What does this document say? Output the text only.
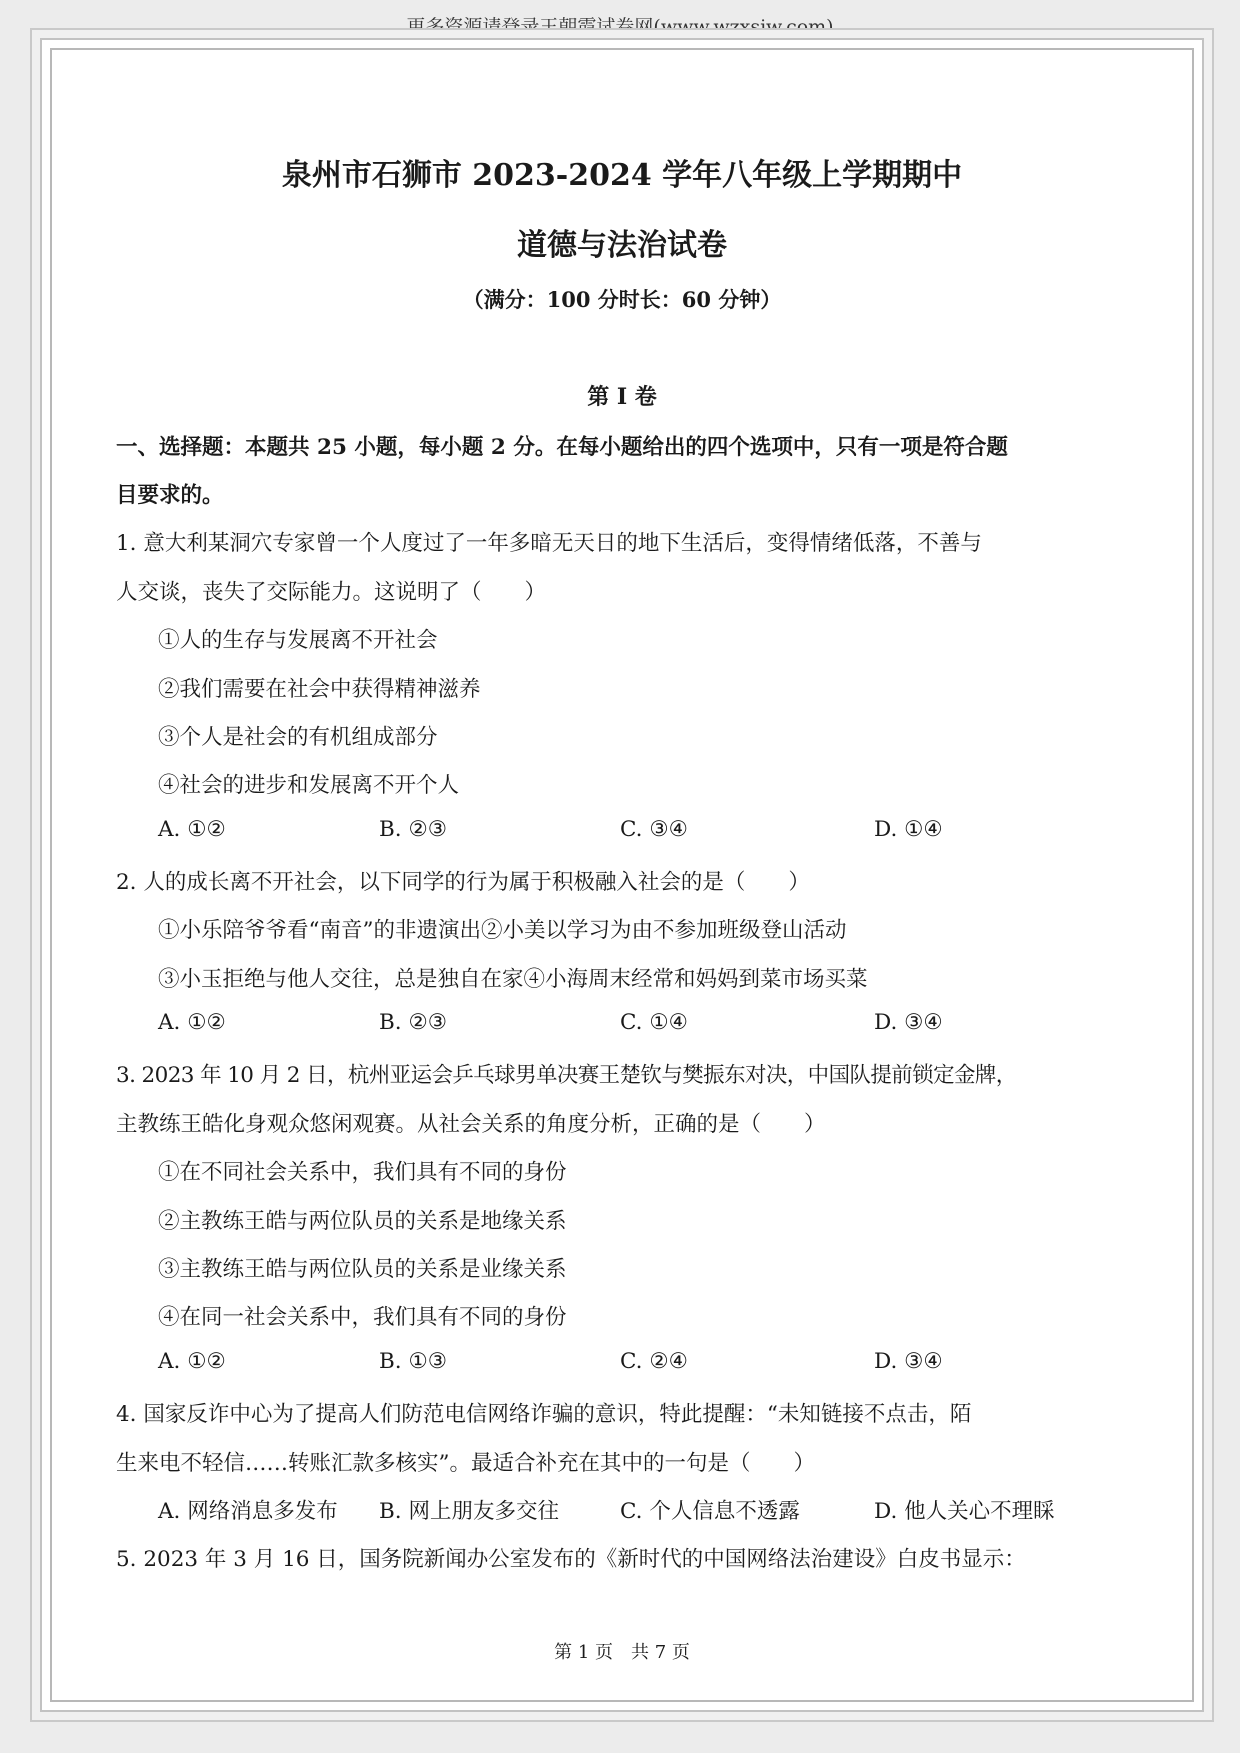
更多资源请登录王朝霞试卷网(www.wzxsjw.com)
泉州市石狮市 2023-2024 学年八年级上学期期中
道德与法治试卷
（满分：100 分时长：60 分钟）
第 I 卷
一、选择题：本题共 25 小题，每小题 2 分。在每小题给出的四个选项中，只有一项是符合题
目要求的。
1. 意大利某洞穴专家曾一个人度过了一年多暗无天日的地下生活后，变得情绪低落，不善与
人交谈，丧失了交际能力。这说明了（　　）
①人的生存与发展离不开社会
②我们需要在社会中获得精神滋养
③个人是社会的有机组成部分
④社会的进步和发展离不开个人
A. ①②	B. ②③	C. ③④	D. ①④
2. 人的成长离不开社会，以下同学的行为属于积极融入社会的是（　　）
①小乐陪爷爷看“南音”的非遗演出②小美以学习为由不参加班级登山活动
③小玉拒绝与他人交往，总是独自在家④小海周末经常和妈妈到菜市场买菜
A. ①②	B. ②③	C. ①④	D. ③④
3. 2023 年 10 月 2 日，杭州亚运会乒乓球男单决赛王楚钦与樊振东对决，中国队提前锁定金牌，
主教练王皓化身观众悠闲观赛。从社会关系的角度分析，正确的是（　　）
①在不同社会关系中，我们具有不同的身份
②主教练王皓与两位队员的关系是地缘关系
③主教练王皓与两位队员的关系是业缘关系
④在同一社会关系中，我们具有不同的身份
A. ①②	B. ①③	C. ②④	D. ③④
4. 国家反诈中心为了提高人们防范电信网络诈骗的意识，特此提醒：“未知链接不点击，陌
生来电不轻信……转账汇款多核实”。最适合补充在其中的一句是（　　）
A. 网络消息多发布 B. 网上朋友多交往	C. 个人信息不透露	D. 他人关心不理睬
5. 2023 年 3 月 16 日，国务院新闻办公室发布的《新时代的中国网络法治建设》白皮书显示：
第 1 页　共 7 页
